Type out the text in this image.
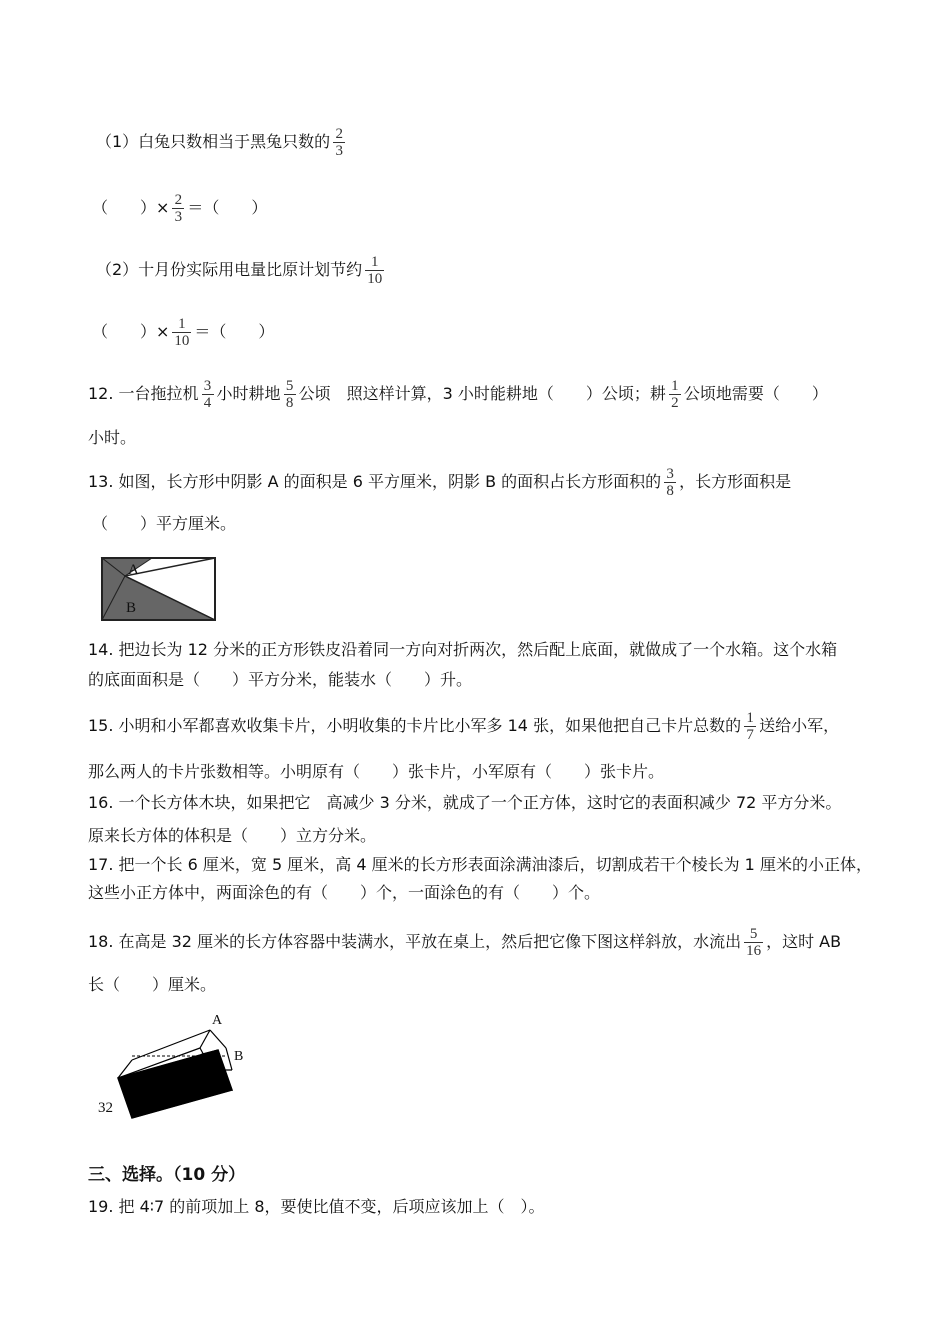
（1）白兔只数相当于黑兔只数的 $\frac{2}{3}$
（　　）× $\frac{2}{3}$ ＝（　　）
（2）十月份实际用电量比原计划节约 $\frac{1}{10}$
（　　）× $\frac{1}{10}$ ＝（　　）
12. 一台拖拉机 $\frac{3}{4}$ 小时耕地 $\frac{5}{8}$ 公顷　照这样计算，3 小时能耕地（　　）公顷；耕 $\frac{1}{2}$ 公顷地需要（　　）
小时。
13. 如图，长方形中阴影 A 的面积是 6 平方厘米，阴影 B 的面积占长方形面积的 $\frac{3}{8}$ ，长方形面积是
（　　）平方厘米。
A
B
14. 把边长为 12 分米的正方形铁皮沿着同一方向对折两次，然后配上底面，就做成了一个水箱。这个水箱
的底面面积是（　　）平方分米，能装水（　　）升。
15. 小明和小军都喜欢收集卡片，小明收集的卡片比小军多 14 张，如果他把自己卡片总数的 $\frac{1}{7}$ 送给小军，
那么两人的卡片张数相等。小明原有（　　）张卡片，小军原有（　　）张卡片。
16. 一个长方体木块，如果把它　高减少 3 分米，就成了一个正方体，这时它的表面积减少 72 平方分米。
原来长方体的体积是（　　）立方分米。
17. 把一个长 6 厘米，宽 5 厘米，高 4 厘米的长方形表面涂满油漆后，切割成若干个棱长为 1 厘米的小正体，
这些小正方体中，两面涂色的有（　　）个，一面涂色的有（　　）个。
18. 在高是 32 厘米的长方体容器中装满水，平放在桌上，然后把它像下图这样斜放，水流出 $\frac{5}{16}$ ，这时 AB
长（　　）厘米。
A
B
32
三、选择。（10 分）
19. 把 4∶7 的前项加上 8，要使比值不变，后项应该加上（　）。
